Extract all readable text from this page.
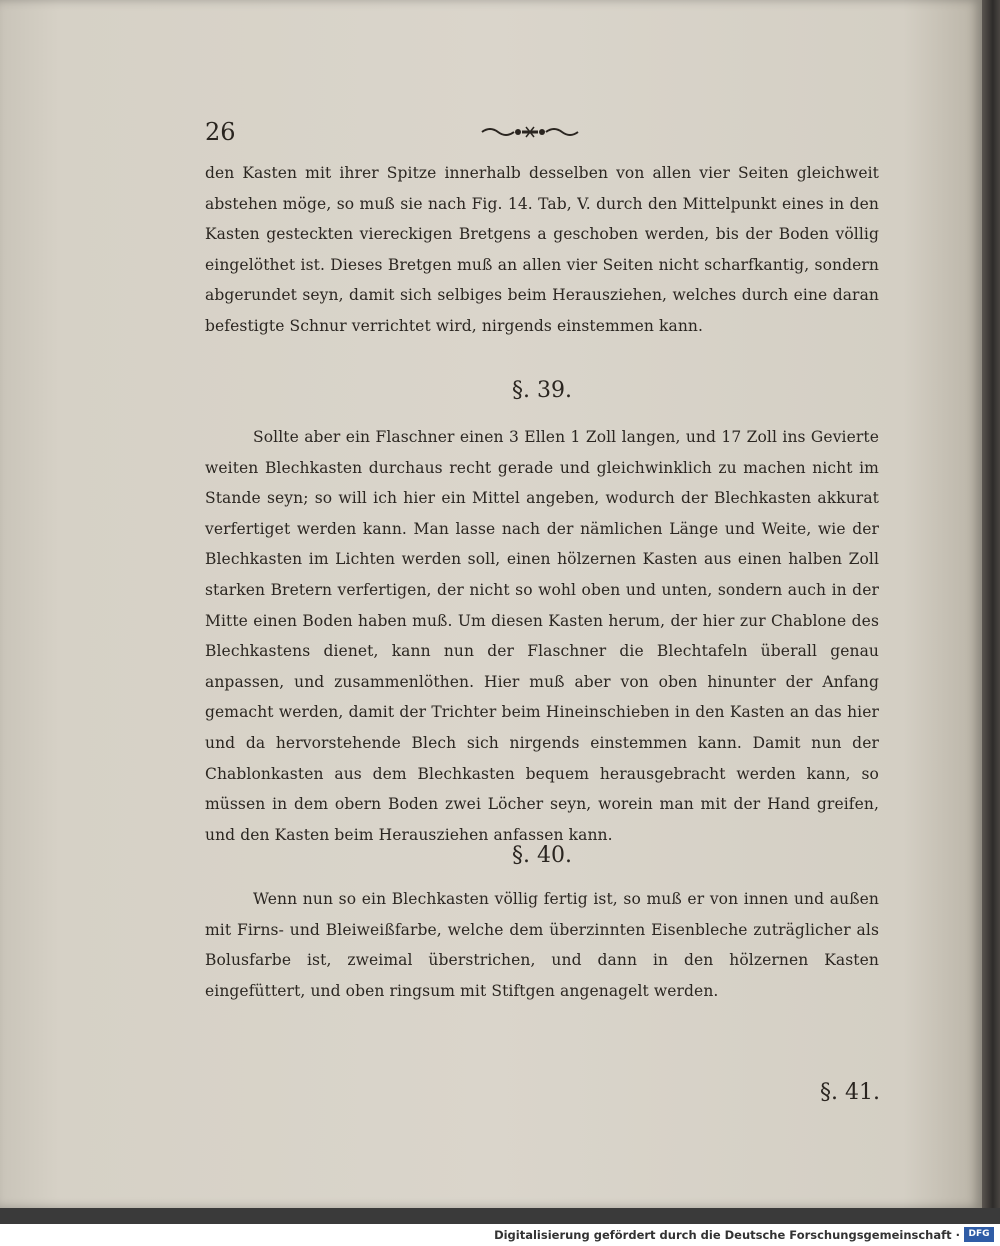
26

den Kasten mit ihrer Spitze innerhalb desselben von allen vier Seiten gleichweit abstehen möge, so muß sie nach Fig. 14. Tab, V. durch den Mittelpunkt eines in den Kasten gesteckten viereckigen Bretgens a geschoben werden, bis der Boden völlig eingelöthet ist. Dieses Bretgen muß an allen vier Seiten nicht scharfkantig, sondern abgerundet seyn, damit sich selbiges beim Herausziehen, welches durch eine daran befestigte Schnur verrichtet wird, nirgends einstemmen kann.

§. 39.

Sollte aber ein Flaschner einen 3 Ellen 1 Zoll langen, und 17 Zoll ins Gevierte weiten Blechkasten durchaus recht gerade und gleichwinklich zu machen nicht im Stande seyn; so will ich hier ein Mittel angeben, wodurch der Blechkasten akkurat verfertiget werden kann. Man lasse nach der nämlichen Länge und Weite, wie der Blechkasten im Lichten werden soll, einen hölzernen Kasten aus einen halben Zoll starken Bretern verfertigen, der nicht so wohl oben und unten, sondern auch in der Mitte einen Boden haben muß. Um diesen Kasten herum, der hier zur Chablone des Blechkastens dienet, kann nun der Flaschner die Blechtafeln überall genau anpassen, und zusammenlöthen. Hier muß aber von oben hinunter der Anfang gemacht werden, damit der Trichter beim Hineinschieben in den Kasten an das hier und da hervorstehende Blech sich nirgends einstemmen kann. Damit nun der Chablonkasten aus dem Blechkasten bequem herausgebracht werden kann, so müssen in dem obern Boden zwei Löcher seyn, worein man mit der Hand greifen, und den Kasten beim Herausziehen anfassen kann.

§. 40.

Wenn nun so ein Blechkasten völlig fertig ist, so muß er von innen und außen mit Firns- und Bleiweißfarbe, welche dem überzinnten Eisenbleche zuträglicher als Bolusfarbe ist, zweimal überstrichen, und dann in den hölzernen Kasten eingefüttert, und oben ringsum mit Stiftgen angenagelt werden.

§. 41.
Digitalisierung gefördert durch die Deutsche Forschungsgemeinschaft · DFG
